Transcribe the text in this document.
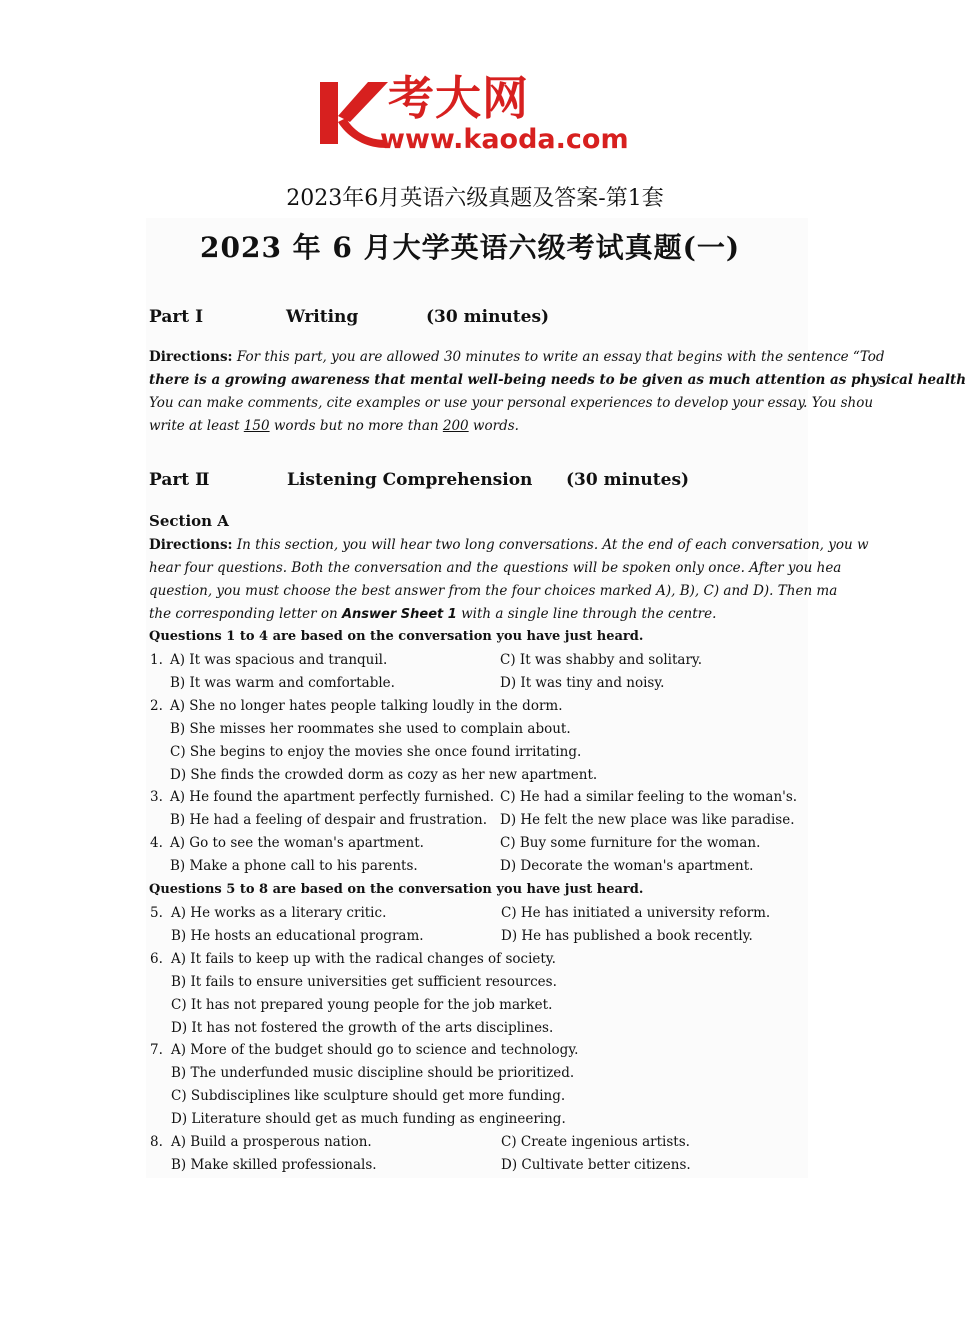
考大网
www.kaoda.com
2023年6月英语六级真题及答案-第1套
2023 年 6 月大学英语六级考试真题(一)
Part Ⅰ	Writing	(30 minutes)
Directions: For this part, you are allowed 30 minutes to write an essay that begins with the sentence “Tod
there is a growing awareness that mental well-being needs to be given as much attention as physical health
You can make comments, cite examples or use your personal experiences to develop your essay. You shou
write at least 150 words but no more than 200 words.
Part Ⅱ	Listening Comprehension (30 minutes)
Section A
Directions: In this section, you will hear two long conversations. At the end of each conversation, you w
hear four questions. Both the conversation and the questions will be spoken only once. After you hea
question, you must choose the best answer from the four choices marked A), B), C) and D). Then ma
the corresponding letter on Answer Sheet 1 with a single line through the centre.
Questions 1 to 4 are based on the conversation you have just heard.
1. A) It was spacious and tranquil.	C) It was shabby and solitary.
B) It was warm and comfortable.	D) It was tiny and noisy.
2. A) She no longer hates people talking loudly in the dorm.
B) She misses her roommates she used to complain about.
C) She begins to enjoy the movies she once found irritating.
D) She finds the crowded dorm as cozy as her new apartment.
3. A) He found the apartment perfectly furnished. C) He had a similar feeling to the woman's.
B) He had a feeling of despair and frustration. D) He felt the new place was like paradise.
4. A) Go to see the woman's apartment.	C) Buy some furniture for the woman.
B) Make a phone call to his parents.	D) Decorate the woman's apartment.
Questions 5 to 8 are based on the conversation you have just heard.
5. A) He works as a literary critic.	C) He has initiated a university reform.
B) He hosts an educational program.	D) He has published a book recently.
6. A) It fails to keep up with the radical changes of society.
B) It fails to ensure universities get sufficient resources.
C) It has not prepared young people for the job market.
D) It has not fostered the growth of the arts disciplines.
7. A) More of the budget should go to science and technology.
B) The underfunded music discipline should be prioritized.
C) Subdisciplines like sculpture should get more funding.
D) Literature should get as much funding as engineering.
8. A) Build a prosperous nation.	C) Create ingenious artists.
B) Make skilled professionals.	D) Cultivate better citizens.
